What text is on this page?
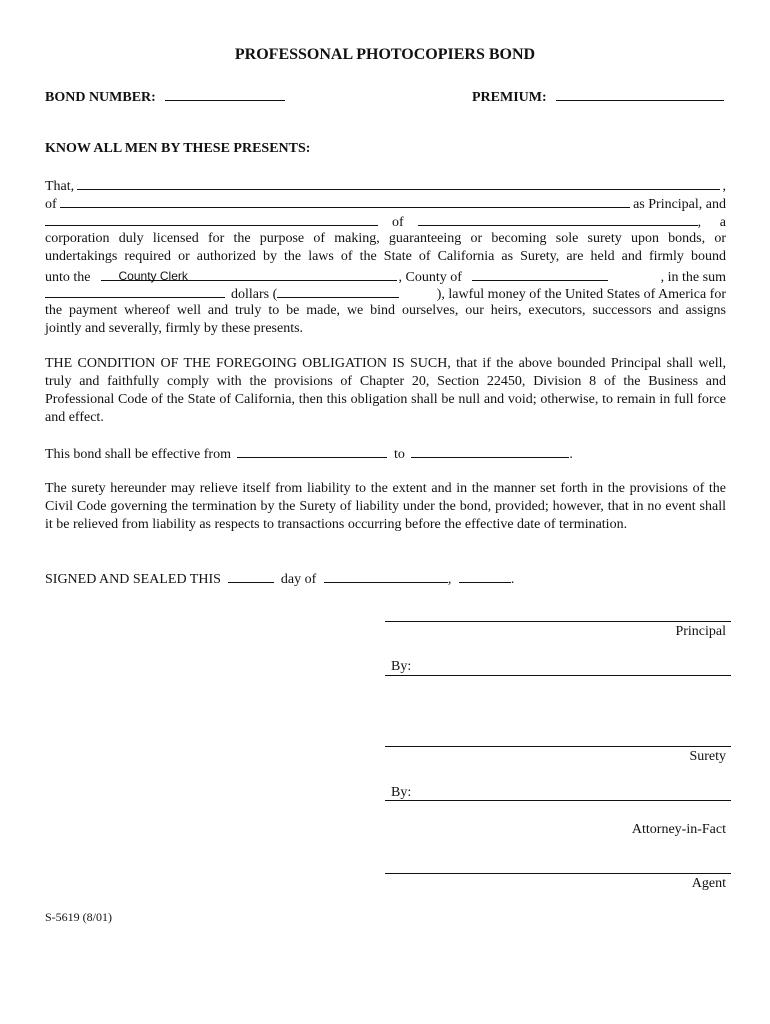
PROFESSONAL PHOTOCOPIERS BOND
BOND NUMBER:	PREMIUM:
KNOW ALL MEN BY THESE PRESENTS:
That,	,
of	as Principal, and
of	, a
corporation duly licensed for the purpose of making, guaranteeing or becoming sole surety upon bonds, or
undertakings required or authorized by the laws of the State of California as Surety, are held and firmly bound
unto the County Clerk	, County of	, in the sum
dollars (	), lawful money of the United States of America for
the payment whereof well and truly to be made, we bind ourselves, our heirs, executors, successors and assigns
jointly and severally, firmly by these presents.
THE CONDITION OF THE FOREGOING OBLIGATION IS SUCH, that if the above bounded Principal shall well, truly and faithfully comply with the provisions of Chapter 20, Section 22450, Division 8 of the Business and Professional Code of the State of California, then this obligation shall be null and void; otherwise, to remain in full force and effect.
This bond shall be effective from	to	.
The surety hereunder may relieve itself from liability to the extent and in the manner set forth in the provisions of the Civil Code governing the termination by the Surety of liability under the bond, provided; however, that in no event shall it be relieved from liability as respects to transactions occurring before the effective date of termination.
SIGNED AND SEALED THIS	day of	,	.
Principal
By:
Surety
By:
Attorney-in-Fact
Agent
S-5619 (8/01)
